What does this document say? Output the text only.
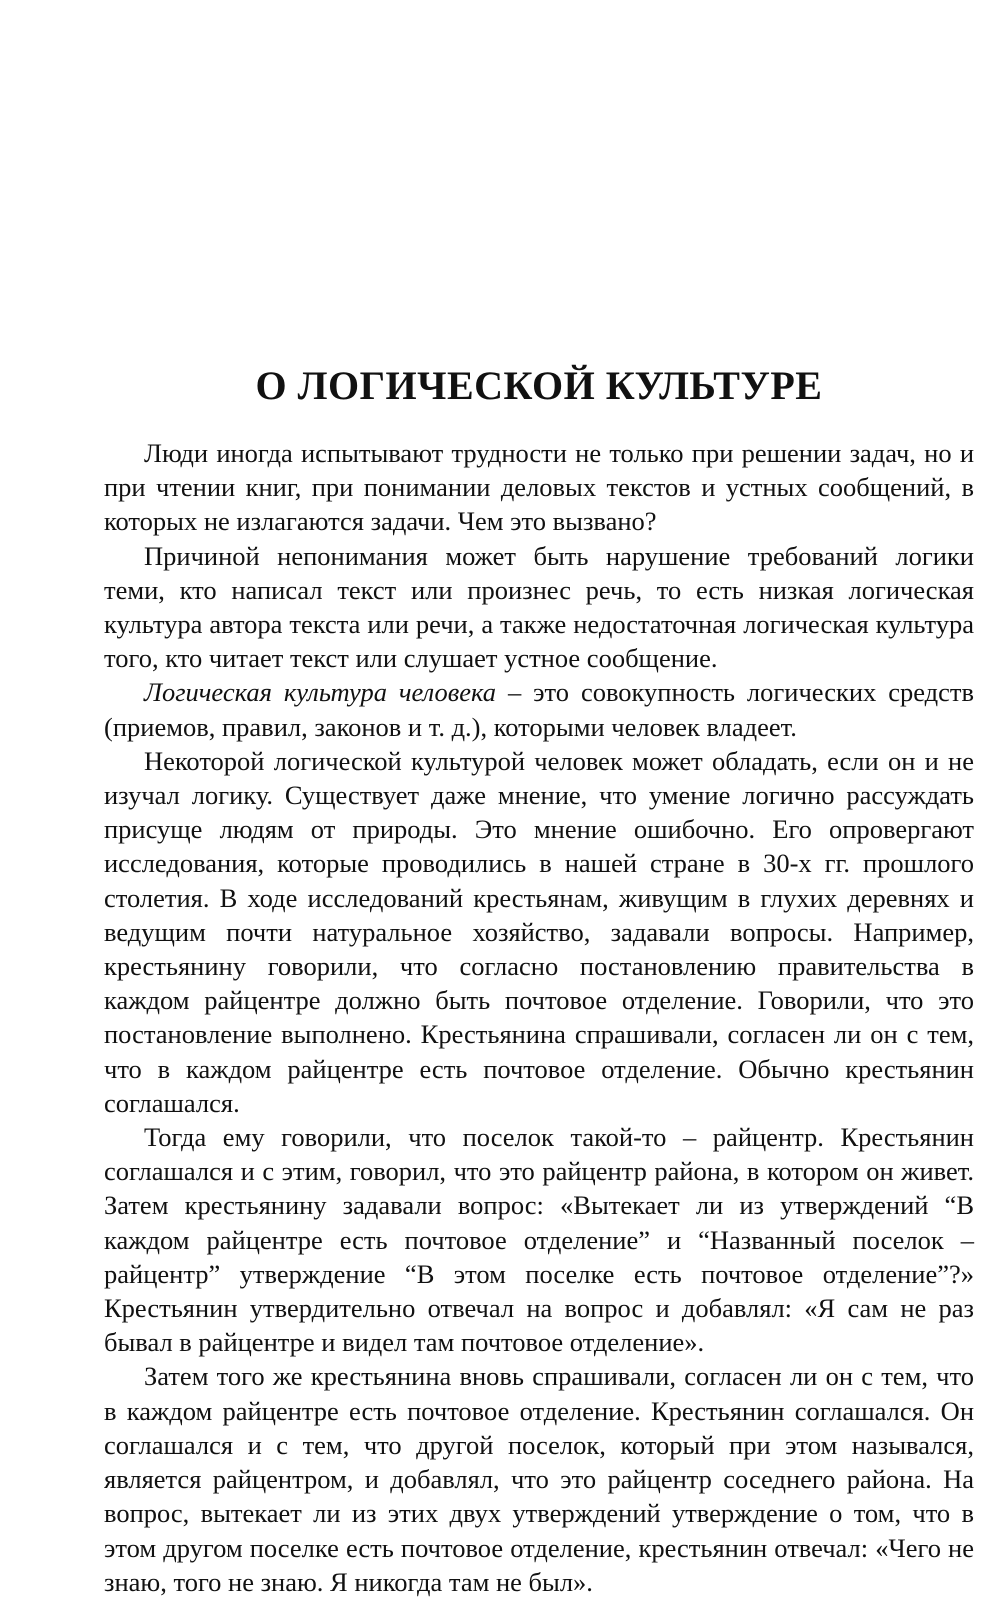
О ЛОГИЧЕСКОЙ КУЛЬТУРЕ

Люди иногда испытывают трудности не только при решении задач, но и при чтении книг, при понимании деловых текстов и устных сообщений, в которых не излагаются задачи. Чем это вызвано?

Причиной непонимания может быть нарушение требований логики теми, кто написал текст или произнес речь, то есть низкая логическая культура автора текста или речи, а также недостаточная логическая культура того, кто читает текст или слушает устное сообщение.

Логическая культура человека – это совокупность логических средств (приемов, правил, законов и т. д.), которыми человек владеет.

Некоторой логической культурой человек может обладать, если он и не изучал логику. Существует даже мнение, что умение логично рассуждать присуще людям от природы. Это мнение ошибочно. Его опровергают исследования, которые проводились в нашей стране в 30-х гг. прошлого столетия. В ходе исследований крестьянам, живущим в глухих деревнях и ведущим почти натуральное хозяйство, задавали вопросы. Например, крестьянину говорили, что согласно постановлению правительства в каждом райцентре должно быть почтовое отделение. Говорили, что это постановление выполнено. Крестьянина спрашивали, согласен ли он с тем, что в каждом райцентре есть почтовое отделение. Обычно крестьянин соглашался.

Тогда ему говорили, что поселок такой-то – райцентр. Крестьянин соглашался и с этим, говорил, что это райцентр района, в котором он живет. Затем крестьянину задавали вопрос: «Вытекает ли из утверждений “В каждом райцентре есть почтовое отделение” и “Названный поселок – райцентр” утверждение “В этом поселке есть почтовое отделение”?» Крестьянин утвердительно отвечал на вопрос и добавлял: «Я сам не раз бывал в райцентре и видел там почтовое отделение».

Затем того же крестьянина вновь спрашивали, согласен ли он с тем, что в каждом райцентре есть почтовое отделение. Крестьянин соглашался. Он соглашался и с тем, что другой поселок, который при этом назывался, является райцентром, и добавлял, что это райцентр соседнего района. На вопрос, вытекает ли из этих двух утверждений утверждение о том, что в этом другом поселке есть почтовое отделение, крестьянин отвечал: «Чего не знаю, того не знаю. Я никогда там не был».
